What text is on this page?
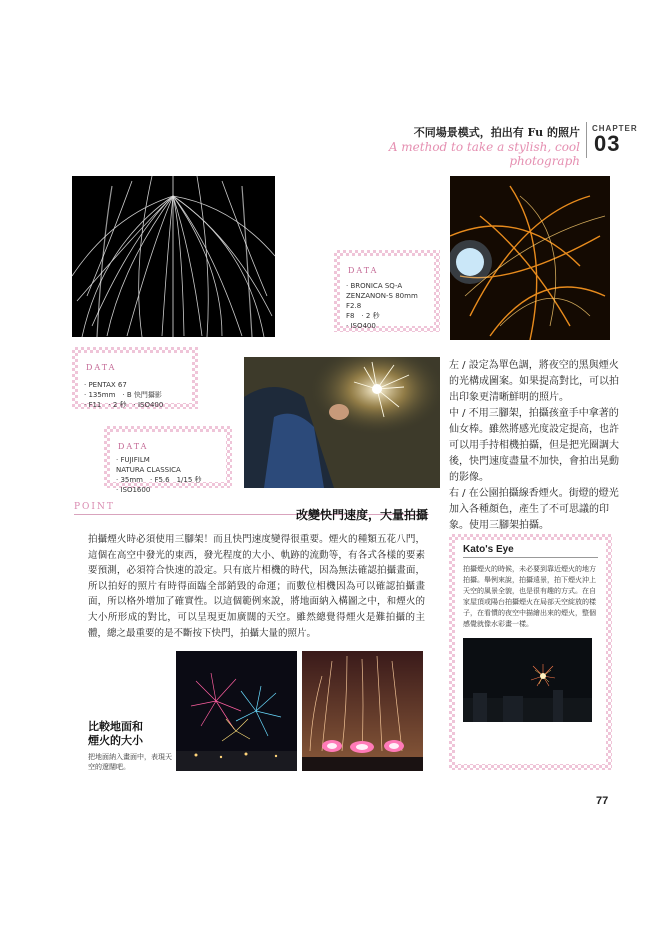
不同場景模式，拍出有 Fu 的照片
A method to take a stylish, cool photograph
CHAPTER
03
DATA
· BRONICA SQ-A
ZENZANON-S 80mm
F2.8
F8　· 2 秒
· ISO400
DATA
· PENTAX 67
· 135mm　· B 快門攝影
· F11　· 2 秒　· ISO400
DATA
· FUJIFILM
NATURA CLASSICA
· 35mm　· F5.6　1/15 秒
· ISO1600

左 / 設定為單色調，將夜空的黑與煙火的光構成圖案。如果提高對比，可以拍出印象更清晰鮮明的照片。

中 / 不用三腳架，拍攝孩童手中拿著的仙女棒。雖然將感光度設定提高，也許可以用手持相機拍攝，但是把光圈調大後，快門速度盡量不加快，會拍出晃動的影像。

右 / 在公園拍攝線香煙火。街燈的燈光加入各種顏色，產生了不可思議的印象。使用三腳架拍攝。

POINT
改變快門速度，大量拍攝
拍攝煙火時必須使用三腳架！而且快門速度變得很重要。煙火的種類五花八門，這個在高空中發光的東西，發光程度的大小、軌跡的流動等，有各式各樣的要素要預測，必須符合快速的設定。只有底片相機的時代，因為無法確認拍攝畫面，所以拍好的照片有時得面臨全部銷毀的命運；而數位相機因為可以確認拍攝畫面，所以格外增加了確實性。以這個範例來說，將地面納入構圖之中，和煙火的大小所形成的對比，可以呈現更加廣闊的天空。雖然總覺得煙火是難拍攝的主體，總之最重要的是不斷按下快門，拍攝大量的照片。
Kato's Eye
拍攝煙火的時候，未必要到靠近煙火的地方拍攝。舉例來說，拍攝遠景，拍下煙火沖上天空的風景全貌，也是很有趣的方式。在自家屋頂或陽台拍攝煙火在局部天空綻放的樣子，在看慣的夜空中描繪出來的煙火，整個感覺就像水彩畫一樣。
比較地面和
煙火的大小
把地面納入畫面中，表現天空的遼闊吧。
77
